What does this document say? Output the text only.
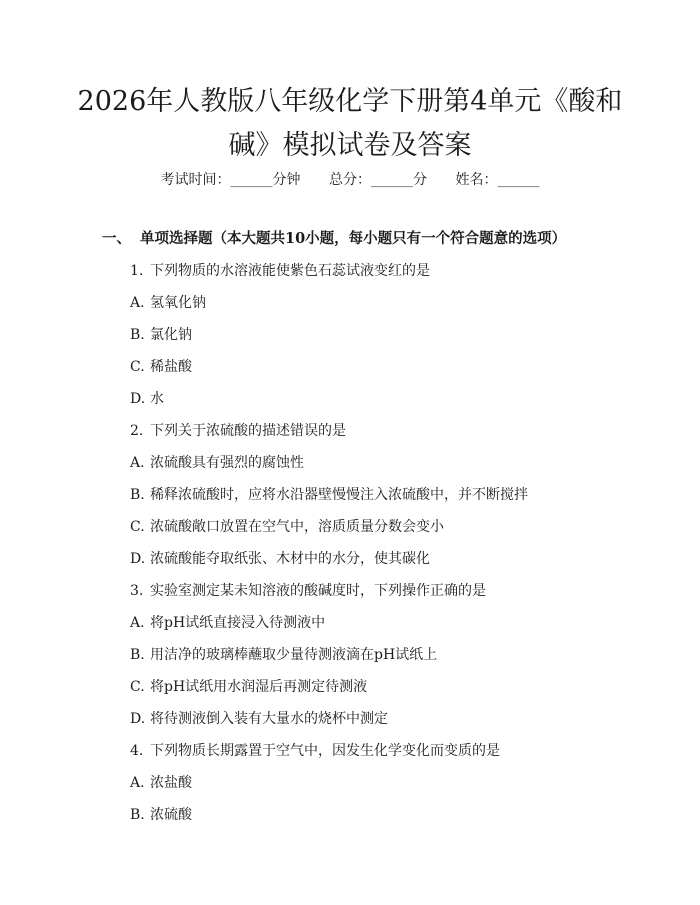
2026年人教版八年级化学下册第4单元《酸和碱》模拟试卷及答案
考试时间：______分钟 总分：______分 姓名：______
一、 单项选择题（本大题共10小题，每小题只有一个符合题意的选项）
1. 下列物质的水溶液能使紫色石蕊试液变红的是
A. 氢氧化钠
B. 氯化钠
C. 稀盐酸
D. 水
2. 下列关于浓硫酸的描述错误的是
A. 浓硫酸具有强烈的腐蚀性
B. 稀释浓硫酸时，应将水沿器壁慢慢注入浓硫酸中，并不断搅拌
C. 浓硫酸敞口放置在空气中，溶质质量分数会变小
D. 浓硫酸能夺取纸张、木材中的水分，使其碳化
3. 实验室测定某未知溶液的酸碱度时，下列操作正确的是
A. 将pH试纸直接浸入待测液中
B. 用洁净的玻璃棒蘸取少量待测液滴在pH试纸上
C. 将pH试纸用水润湿后再测定待测液
D. 将待测液倒入装有大量水的烧杯中测定
4. 下列物质长期露置于空气中，因发生化学变化而变质的是
A. 浓盐酸
B. 浓硫酸
